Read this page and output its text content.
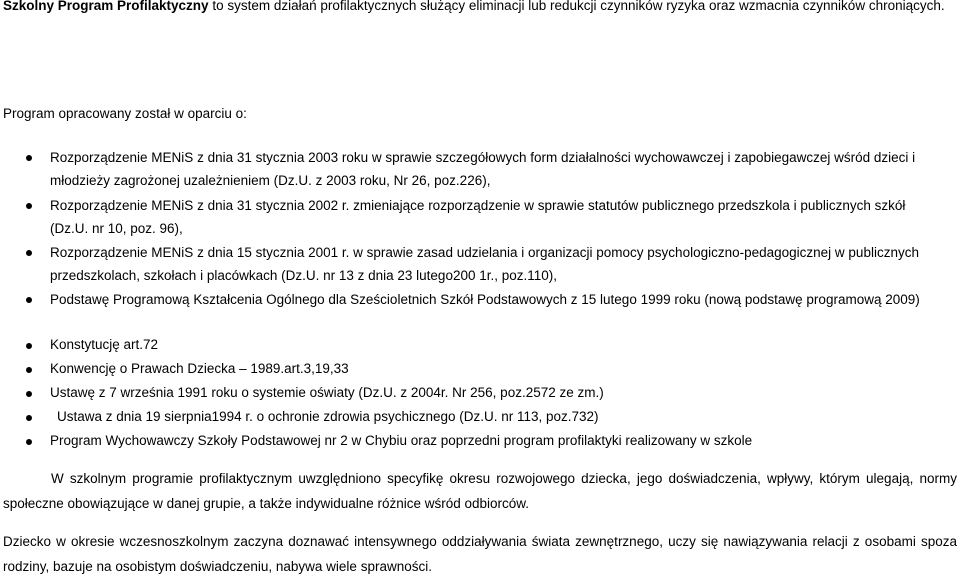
Szkolny Program Profilaktyczny to system działań profilaktycznych służący eliminacji lub redukcji czynników ryzyka oraz wzmacnia czynników chroniących.

Program opracowany został w oparciu o:

Rozporządzenie MENiS z dnia 31 stycznia 2003 roku w sprawie szczegółowych form działalności wychowawczej i zapobiegawczej wśród dzieci i młodzieży zagrożonej uzależnieniem (Dz.U. z 2003 roku, Nr 26, poz.226),
Rozporządzenie MENiS z dnia 31 stycznia 2002 r. zmieniające rozporządzenie w sprawie statutów publicznego przedszkola i publicznych szkół (Dz.U. nr 10, poz. 96),
Rozporządzenie MENiS z dnia 15 stycznia 2001 r. w sprawie zasad udzielania i organizacji pomocy psychologiczno-pedagogicznej w publicznych przedszkolach, szkołach i placówkach (Dz.U. nr 13 z dnia 23 lutego200 1r., poz.110),
Podstawę Programową Kształcenia Ogólnego dla Sześcioletnich Szkół Podstawowych z 15 lutego 1999 roku (nową podstawę programową 2009)
Konstytucję art.72
Konwencję o Prawach Dziecka – 1989.art.3,19,33
Ustawę z 7 września 1991 roku o systemie oświaty (Dz.U. z 2004r. Nr 256, poz.2572 ze zm.)
Ustawa z dnia 19 sierpnia1994 r. o ochronie zdrowia psychicznego (Dz.U. nr 113, poz.732)
Program Wychowawczy Szkoły Podstawowej nr 2 w Chybiu oraz poprzedni program profilaktyki realizowany w szkole

W szkolnym programie profilaktycznym uwzględniono specyfikę okresu rozwojowego dziecka, jego doświadczenia, wpływy, którym ulegają, normy społeczne obowiązujące w danej grupie, a także indywidualne różnice wśród odbiorców.

Dziecko w okresie wczesnoszkolnym zaczyna doznawać intensywnego oddziaływania świata zewnętrznego, uczy się nawiązywania relacji z osobami spoza rodziny, bazuje na osobistym doświadczeniu, nabywa wiele sprawności.
